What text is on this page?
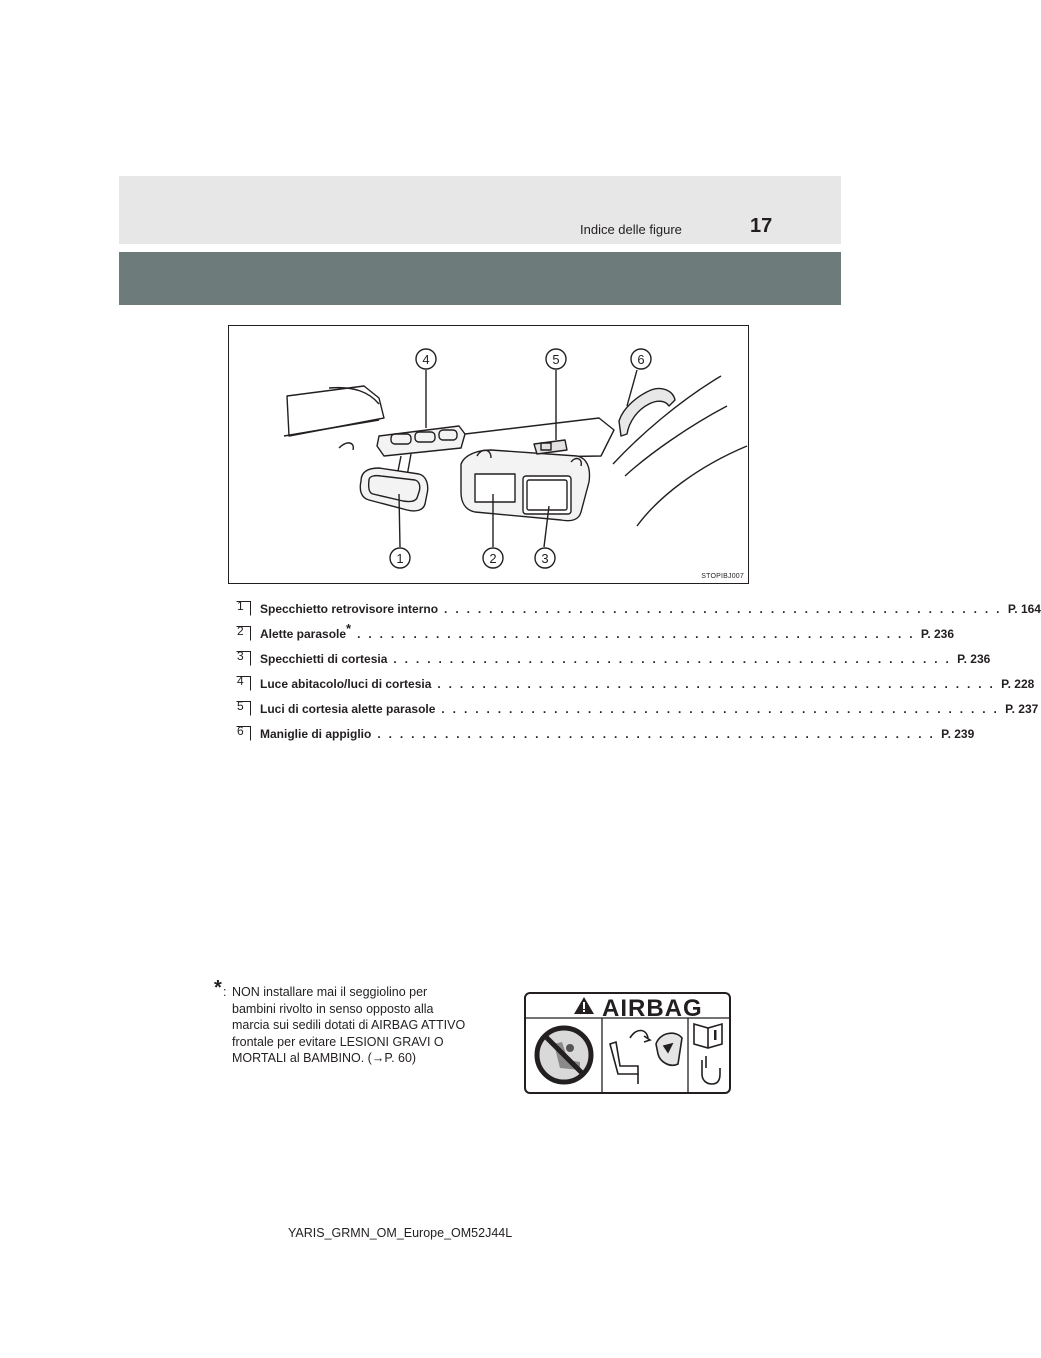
Indice delle figure	17
4	5	6
1	2	3
STOPIBJ007
1 Specchietto retrovisore interno . . . . . . . . . . . . . . . . . . . . . . . . . . . . . . . . . . . . . . . . . . . . . . . . . . P. 164
2 Alette parasole* . . . . . . . . . . . . . . . . . . . . . . . . . . . . . . . . . . . . . . . . . . . . . . . . . . P. 236
3 Specchietti di cortesia . . . . . . . . . . . . . . . . . . . . . . . . . . . . . . . . . . . . . . . . . . . . . . . . . . P. 236
4 Luce abitacolo/luci di cortesia . . . . . . . . . . . . . . . . . . . . . . . . . . . . . . . . . . . . . . . . . . . . . . . . . . P. 228
5 Luci di cortesia alette parasole . . . . . . . . . . . . . . . . . . . . . . . . . . . . . . . . . . . . . . . . . . . . . . . . . . P. 237
6 Maniglie di appiglio . . . . . . . . . . . . . . . . . . . . . . . . . . . . . . . . . . . . . . . . . . . . . . . . . . P. 239
* : NON installare mai il seggiolino per
bambini rivolto in senso opposto alla
marcia sui sedili dotati di AIRBAG ATTIVO
frontale per evitare LESIONI GRAVI O
MORTALI al BAMBINO. (→P. 60)
AIRBAG
YARIS_GRMN_OM_Europe_OM52J44L
